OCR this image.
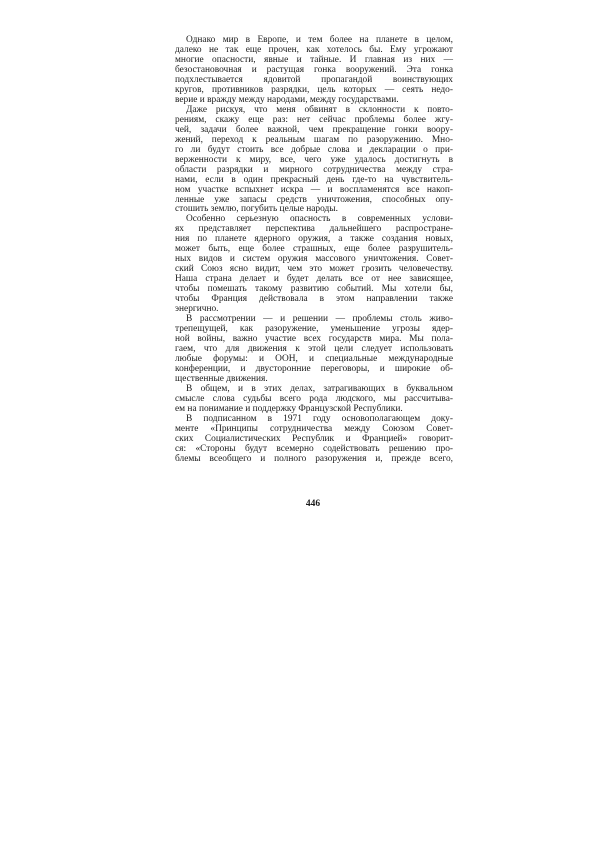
Однако мир в Европе, и тем более на планете в целом,
далеко не так еще прочен, как хотелось бы. Ему угрожают
многие опасности, явные и тайные. И главная из них —
безостановочная и растущая гонка вооружений. Эта гонка
подхлестывается ядовитой пропагандой воинствующих
кругов, противников разрядки, цель которых — сеять недо-
верие и вражду между народами, между государствами.
Даже рискуя, что меня обвинят в склонности к повто-
рениям, скажу еще раз: нет сейчас проблемы более жгу-
чей, задачи более важной, чем прекращение гонки воору-
жений, переход к реальным шагам по разоружению. Мно-
го ли будут стоить все добрые слова и декларации о при-
верженности к миру, все, чего уже удалось достигнуть в
области разрядки и мирного сотрудничества между стра-
нами, если в один прекрасный день где-то на чувствитель-
ном участке вспыхнет искра — и воспламенятся все накоп-
ленные уже запасы средств уничтожения, способных опу-
стошить землю, погубить целые народы.
Особенно серьезную опасность в современных услови-
ях представляет перспектива дальнейшего распростране-
ния по планете ядерного оружия, а также создания новых,
может быть, еще более страшных, еще более разрушитель-
ных видов и систем оружия массового уничтожения. Совет-
ский Союз ясно видит, чем это может грозить человечеству.
Наша страна делает и будет делать все от нее зависящее,
чтобы помешать такому развитию событий. Мы хотели бы,
чтобы Франция действовала в этом направлении также
энергично.
В рассмотрении — и решении — проблемы столь живо-
трепещущей, как разоружение, уменьшение угрозы ядер-
ной войны, важно участие всех государств мира. Мы пола-
гаем, что для движения к этой цели следует использовать
любые форумы: и ООН, и специальные международные
конференции, и двусторонние переговоры, и широкие об-
щественные движения.
В общем, и в этих делах, затрагивающих в буквальном
смысле слова судьбы всего рода людского, мы рассчитыва-
ем на понимание и поддержку Французской Республики.
В подписанном в 1971 году основополагающем доку-
менте «Принципы сотрудничества между Союзом Совет-
ских Социалистических Республик и Францией» говорит-
ся: «Стороны будут всемерно содействовать решению про-
блемы всеобщего и полного разоружения и, прежде всего,
446
